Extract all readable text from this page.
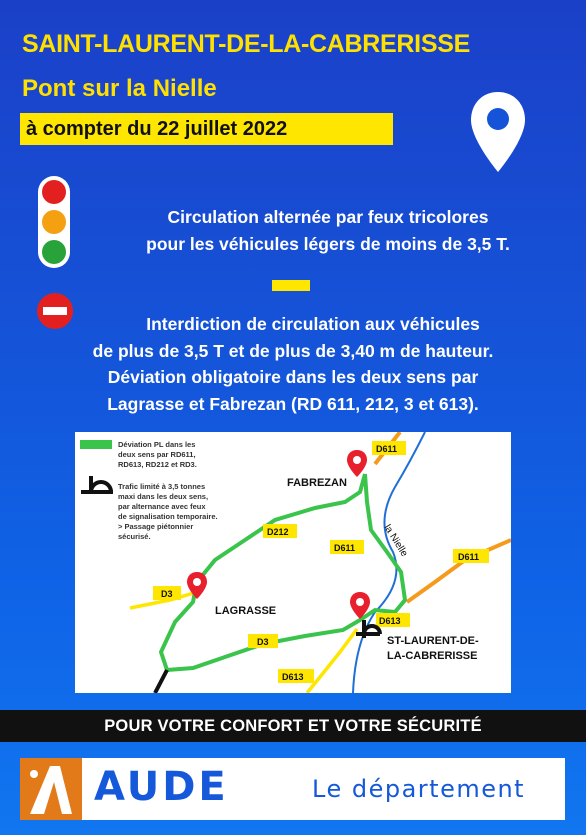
SAINT-LAURENT-DE-LA-CABRERISSE
Pont sur la Nielle
à compter du 22 juillet 2022
Circulation alternée par feux tricolores
pour les véhicules légers de moins de 3,5 T.
Interdiction de circulation aux véhicules
de plus de 3,5 T et de plus de 3,40 m de hauteur.
Déviation obligatoire dans les deux sens par
Lagrasse et Fabrezan (RD 611, 212, 3 et 613).
Déviation PL dans les
deux sens par RD611,
RD613, RD212 et RD3.
Trafic limité à 3,5 tonnes
maxi dans les deux sens,
par alternance avec feux
de signalisation temporaire.
> Passage piétonnier
sécurisé.
D611
D212
D611
D611
D3
D3
D613
D613
la Nielle
FABREZAN
LAGRASSE
ST-LAURENT-DE-
LA-CABRERISSE
POUR VOTRE CONFORT ET VOTRE SÉCURITÉ
AUDE	Le département
